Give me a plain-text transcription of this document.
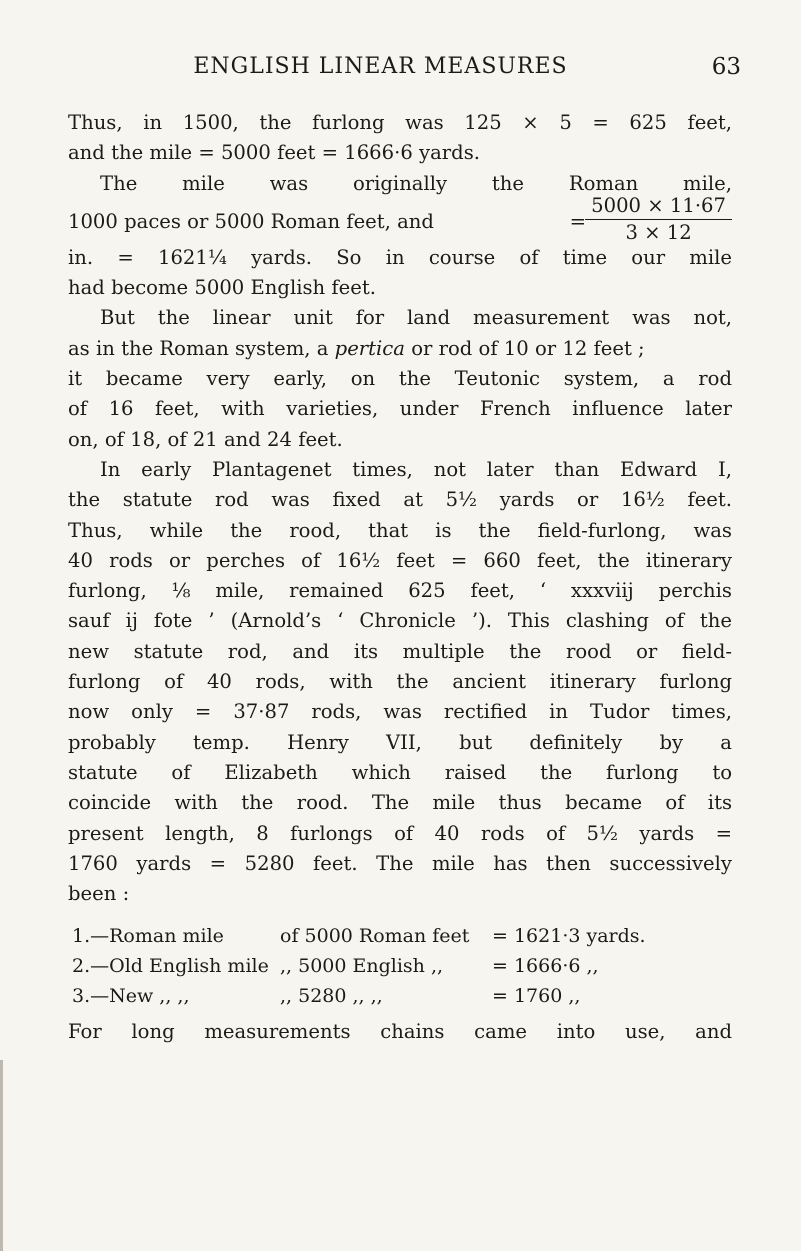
ENGLISH LINEAR MEASURES	63
Thus, in 1500, the furlong was 125 × 5 = 625 feet,
and the mile = 5000 feet = 1666·6 yards.
The mile was originally the Roman mile,
1000 paces or 5000 Roman feet, and	= $\frac{5000 \times 11\cdot 67}{3 \times 12}$
in. = 1621¼ yards. So in course of time our mile
had become 5000 English feet.
But the linear unit for land measurement was not,
as in the Roman system, a pertica or rod of 10 or 12 feet ;
it became very early, on the Teutonic system, a rod
of 16 feet, with varieties, under French influence later
on, of 18, of 21 and 24 feet.
In early Plantagenet times, not later than Edward I,
the statute rod was fixed at 5½ yards or 16½ feet.
Thus, while the rood, that is the field-furlong, was
40 rods or perches of 16½ feet = 660 feet, the itinerary
furlong, ⅛ mile, remained 625 feet, ‘ xxxviij perchis
sauf ij fote ’ (Arnold’s ‘ Chronicle ’). This clashing of the
new statute rod, and its multiple the rood or field-
furlong of 40 rods, with the ancient itinerary furlong
now only = 37·87 rods, was rectified in Tudor times,
probably temp. Henry VII, but definitely by a
statute of Elizabeth which raised the furlong to
coincide with the rood. The mile thus became of its
present length, 8 furlongs of 40 rods of 5½ yards =
1760 yards = 5280 feet. The mile has then successively
been :
1.—Roman mile	of 5000 Roman feet = 1621·3 yards.
2.—Old English mile ,, 5000 English ,,	= 1666·6 ,,
3.—New ,, ,,	,, 5280 ,, ,,	= 1760 ,,
For long measurements chains came into use, and
